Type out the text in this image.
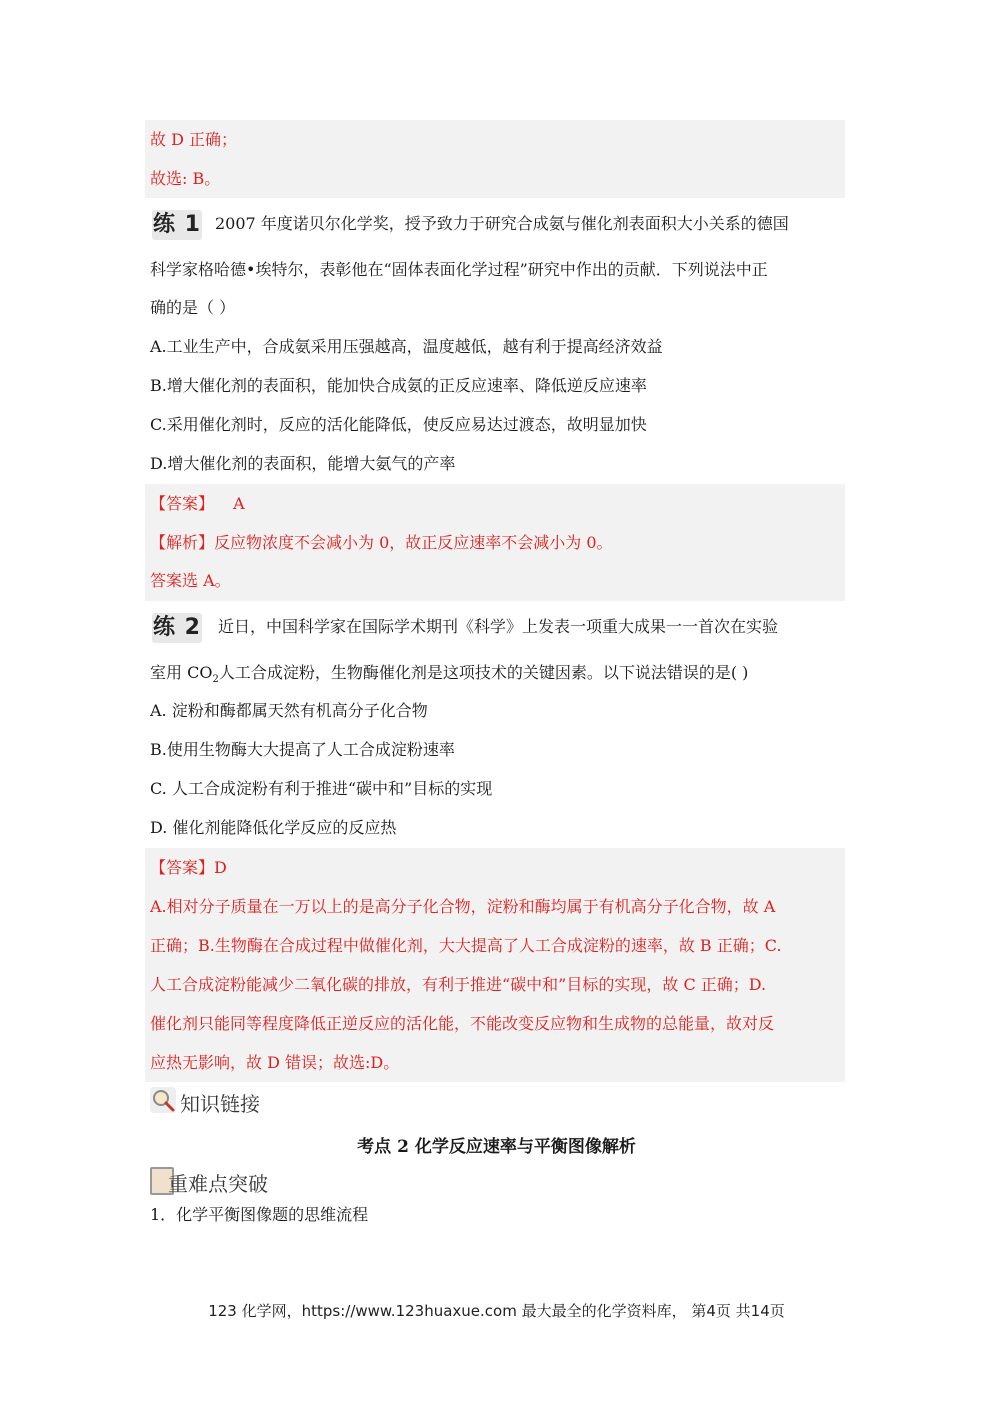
故 D 正确；
故选: B。
练 1 2007 年度诺贝尔化学奖，授予致力于研究合成氨与催化剂表面积大小关系的德国
科学家格哈德•埃特尔，表彰他在“固体表面化学过程”研究中作出的贡献．下列说法中正
确的是（ ）
A.工业生产中，合成氨采用压强越高，温度越低，越有利于提高经济效益
B.增大催化剂的表面积，能加快合成氨的正反应速率、降低逆反应速率
C.采用催化剂时，反应的活化能降低，使反应易达过渡态，故明显加快
D.增大催化剂的表面积，能增大氨气的产率
【答案】 A
【解析】反应物浓度不会减小为 0，故正反应速率不会减小为 0。
答案选 A。
练 2 近日，中国科学家在国际学术期刊《科学》上发表一项重大成果一一首次在实验
室用 $CO_2$人工合成淀粉，生物酶催化剂是这项技术的关键因素。以下说法错误的是( )
A. 淀粉和酶都属天然有机高分子化合物
B.使用生物酶大大提高了人工合成淀粉速率
C. 人工合成淀粉有利于推进“碳中和”目标的实现
D. 催化剂能降低化学反应的反应热
【答案】D
A.相对分子质量在一万以上的是高分子化合物，淀粉和酶均属于有机高分子化合物，故 A
正确；B.生物酶在合成过程中做催化剂，大大提高了人工合成淀粉的速率，故 B 正确；C.
人工合成淀粉能减少二氧化碳的排放，有利于推进“碳中和”目标的实现，故 C 正确；D.
催化剂只能同等程度降低正逆反应的活化能，不能改变反应物和生成物的总能量，故对反
应热无影响，故 D 错误；故选:D。
知识链接
考点 2 化学反应速率与平衡图像解析
重难点突破
1．化学平衡图像题的思维流程
123 化学网，https://www.123huaxue.com 最大最全的化学资料库， 第4页 共14页
